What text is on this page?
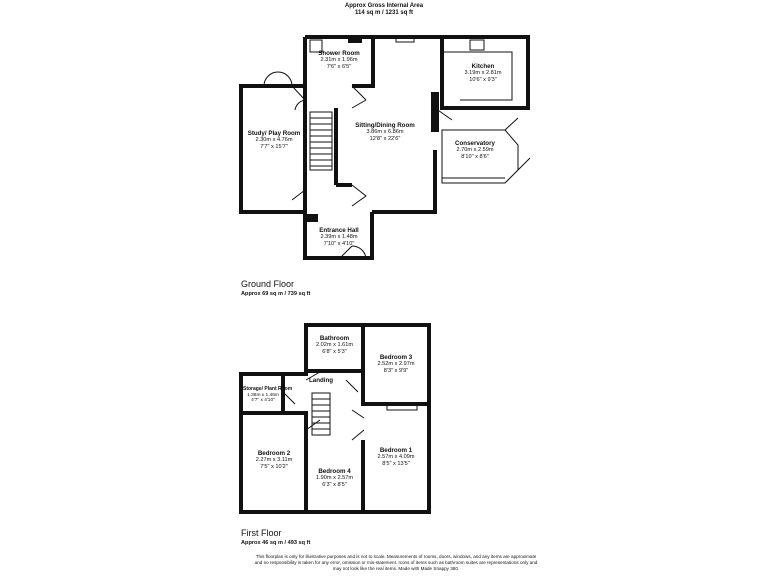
Approx Gross Internal Area
114 sq m / 1231 sq ft
Shower Room
2.31m x 1.96m
7'6" x 6'5"	Kitchen
3.19m x 2.81m
10'6" x 9'3"
Study/ Play Room
2.30m x 4.76m
7'7" x 15'7"
Sitting/Dining Room
3.86m x 6.86m
12'8" x 22'6"
Conservatory
2.70m x 2.59m
8'10" x 8'6"
Entrance Hall
2.39m x 1.48m
7'10" x 4'10"
Ground Floor
Approx 69 sq m / 739 sq ft
Bathroom
2.02m x 1.61m
6'8" x 5'3"
Bedroom 3
2.52m x 2.97m
8'3" x 9'9"
Landing
Storage/ Plant Room
1.38m x 1.46m
4'7" x 4'10"
Bedroom 2
2.27m x 3.11m
7'5" x 10'2"
Bedroom 1
2.57m x 4.09m
8'5" x 13'5"
Bedroom 4
1.90m x 2.57m
6'3" x 8'5"
First Floor
Approx 46 sq m / 493 sq ft
This floorplan is only for illustrative purposes and is not to scale. Measurements of rooms, doors, windows, and any items are approximate
and no responsibility is taken for any error, omission or mis-statement. Icons of items such as bathroom suites are representations only and
may not look like the real items. Made with Made Snappy 360.
